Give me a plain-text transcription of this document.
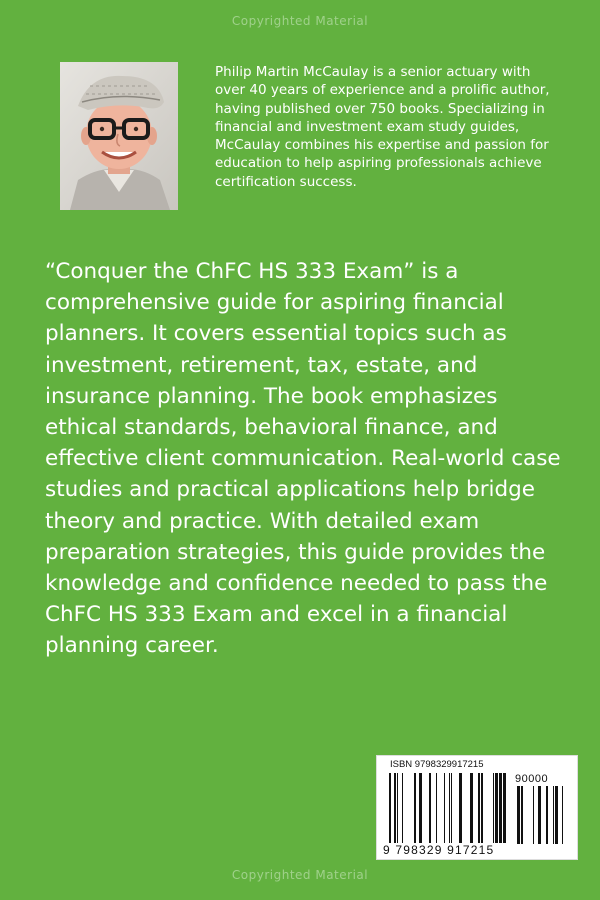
Copyrighted Material
Philip Martin McCaulay is a senior actuary with over 40 years of experience and a prolific author, having published over 750 books. Specializing in financial and investment exam study guides, McCaulay combines his expertise and passion for education to help aspiring professionals achieve certification success.
“Conquer the ChFC HS 333 Exam” is a comprehensive guide for aspiring financial planners. It covers essential topics such as investment, retirement, tax, estate, and insurance planning. The book emphasizes ethical standards, behavioral finance, and effective client communication. Real-world case studies and practical applications help bridge theory and practice. With detailed exam preparation strategies, this guide provides the knowledge and confidence needed to pass the ChFC HS 333 Exam and excel in a financial planning career.
ISBN 9798329917215
90000
9 798329 917215
Copyrighted Material
